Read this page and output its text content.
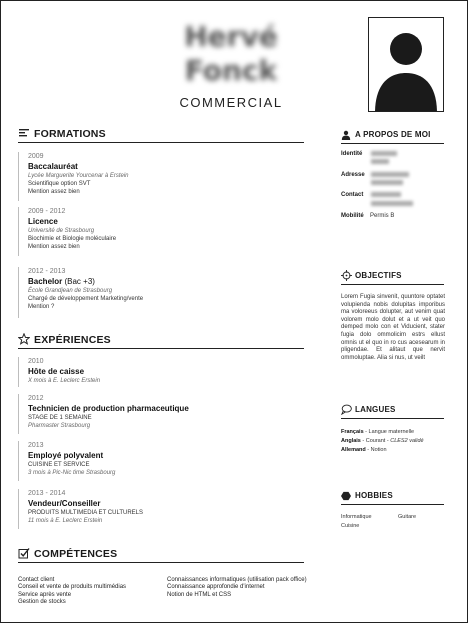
Hervé
Fonck
COMMERCIAL
FORMATIONS
2009
Baccalauréat
Lycée Marguerite Yourcenar à Erstein
Scientifique option SVT
Mention assez bien
2009 - 2012
Licence
Université de Strasbourg
Biochimie et Biologie moléculaire
Mention assez bien
2012 - 2013
Bachelor (Bac +3)
École Grandjean de Strasbourg
Chargé de développement Marketing/vente
Mention ?
EXPÉRIENCES
2010
Hôte de caisse
X mois à E. Leclerc Erstein
2012
Technicien de production pharmaceutique
STAGE DE 1 SEMAINE
Pharmaster Strasbourg
2013
Employé polyvalent
CUISINE ET SERVICE
3 mois à Pic-Nic time Strasbourg
2013 - 2014
Vendeur/Conseiller
PRODUITS MULTIMEDIA ET CULTURELS
11 mois à E. Leclerc Erstein
COMPÉTENCES
Contact client
Conseil et vente de produits multimédias
Service après vente
Gestion de stocks
Connaissances informatiques (utilisation pack office)
Connaissance approfondie d'internet
Notion de HTML et CSS
A PROPOS DE MOI
Identité
Adresse
Contact
Mobilité Permis B
OBJECTIFS
Lorem Fugia sinvenit, quuntore optatet volupienda nobis dolupitas imporibus ma voloreeus dolupter, aut venim quat volorem molo dolut et a ut veit quo demped molo con et Viducient, stater fugia dolo ommolicim estrs ellust omnis ut el quo in ro cus acesearum in pligendae. Et alitaut que nervit ommoluptae. Alia si nus, ut veilt
LANGUES
Français - Langue maternelle
Anglais - Courant - CLES2 validé
Allemand - Notion
HOBBIES
Informatique	Guitare
Cuisine
